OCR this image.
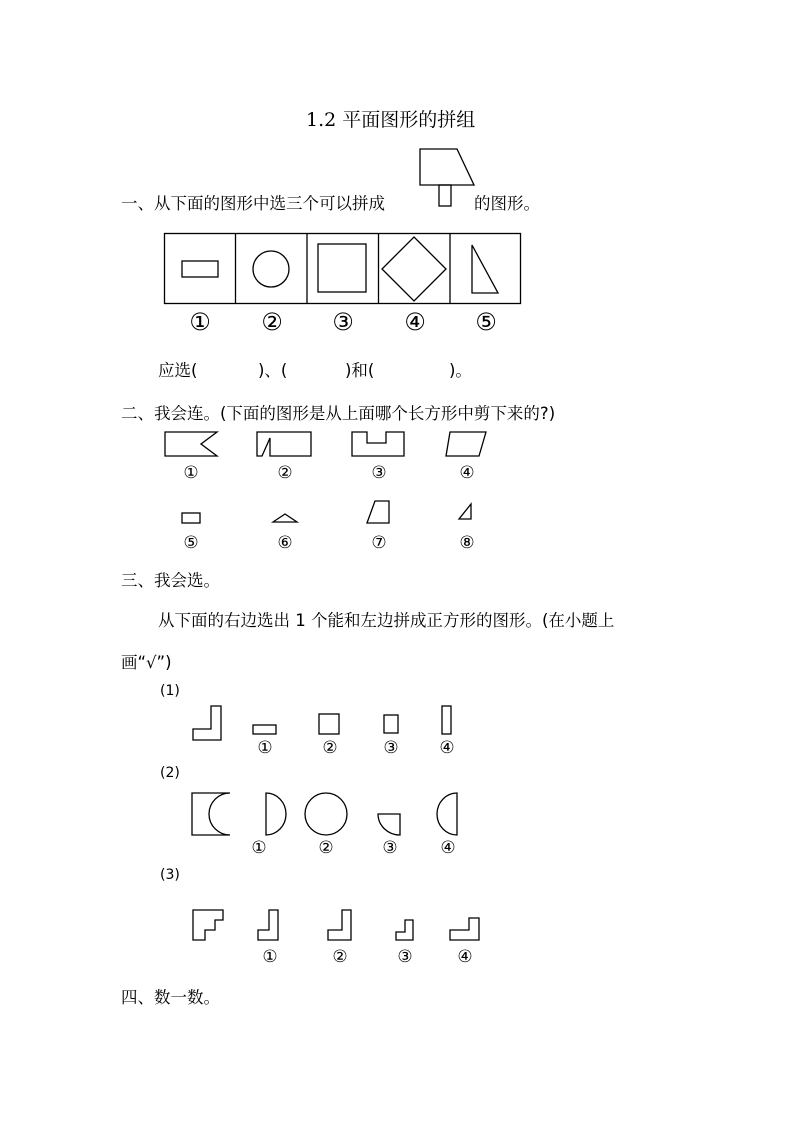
1.2 平面图形的拼组
一、从下面的图形中选三个可以拼成	的图形。
①	②	③	④	⑤
应选(	)、(	)和(	)。
二、我会连。(下面的图形是从上面哪个长方形中剪下来的?)
①	②	③	④
⑤	⑥	⑦	⑧
三、我会选。
从下面的右边选出 1 个能和左边拼成正方形的图形。(在小题上
画“√”)
(1)
①	②	③	④
(2)
①	②	③	④
(3)
①	②	③	④
四、数一数。
